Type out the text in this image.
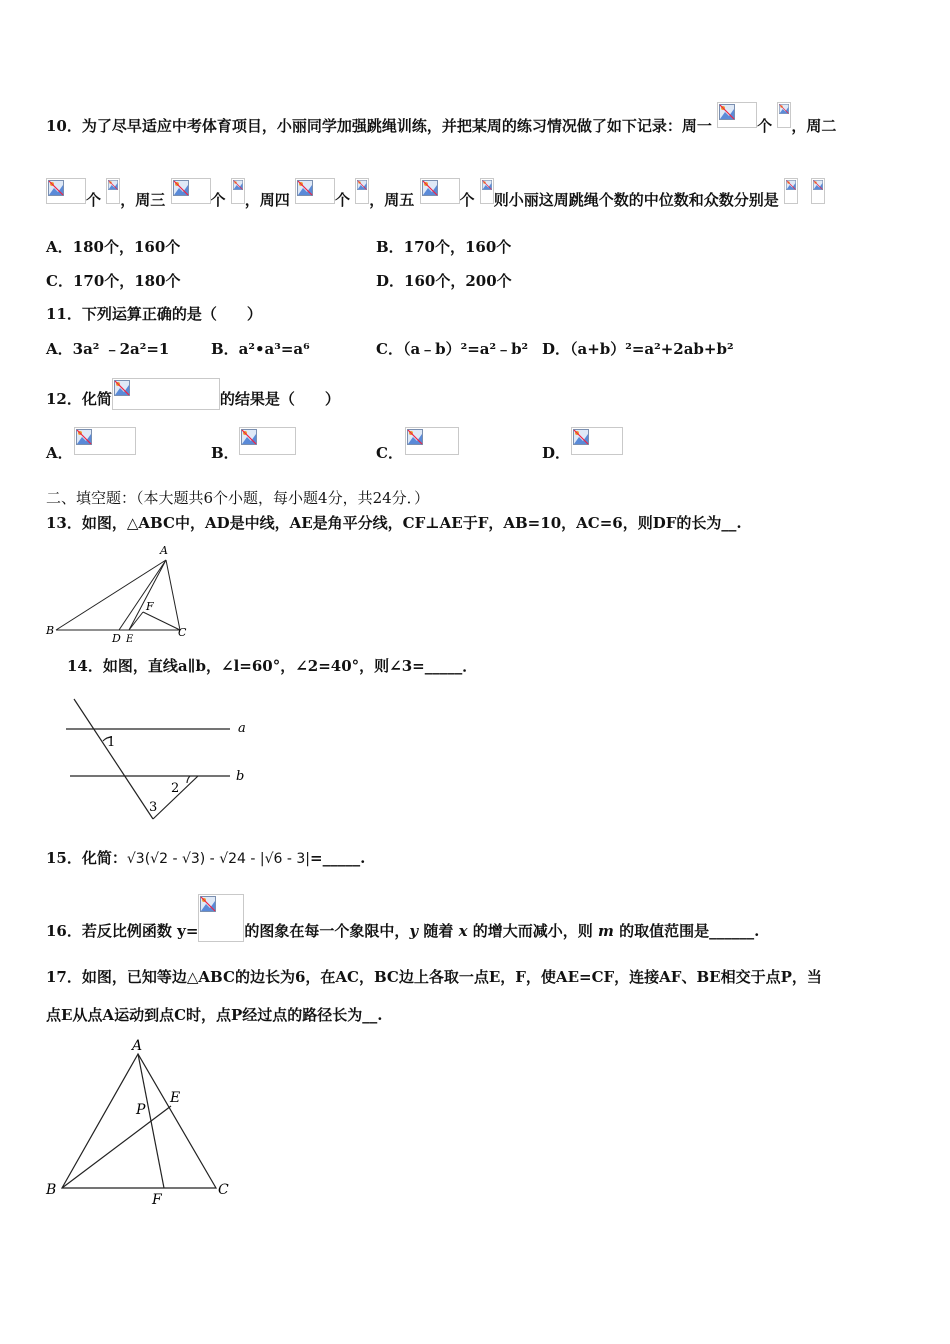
10．为了尽早适应中考体育项目，小丽同学加强跳绳训练，并把某周的练习情况做了如下记录：周一	个 ，周二
个 ，周三	个 ，周四	个 ，周五	个 则小丽这周跳绳个数的中位数和众数分别是

A．180个，160个	B．170个，160个
C．170个，180个	D．160个，200个
11．下列运算正确的是（　　）
A．3a² ﹣2a²=1	B．a²•a³=a⁶	C．（a﹣b）²=a²﹣b² D．（a+b）²=a²+2ab+b²
12．化简	的结果是（　　）
A．	B．	C．	D．
二、填空题：（本大题共6个小题，每小题4分，共24分．）
13．如图，△ABC中，AD是中线，AE是角平分线，CF⊥AE于F，AB=10，AC=6，则DF的长为__.
A
B	C
D E
F
14．如图，直线a∥b，∠l=60°，∠2=40°，则∠3=_____．
a
b
1
2
3
15．化简：√3(√2 - √3) - √24 - |√6 - 3|=_____.
16．若反比例函数 y=	的图象在每一个象限中，y 随着 x 的增大而减小，则 m 的取值范围是______.
17．如图，已知等边△ABC的边长为6，在AC，BC边上各取一点E，F，使AE=CF，连接AF、BE相交于点P，当
点E从点A运动到点C时，点P经过点的路径长为__.
A
B	C
E
F
P
